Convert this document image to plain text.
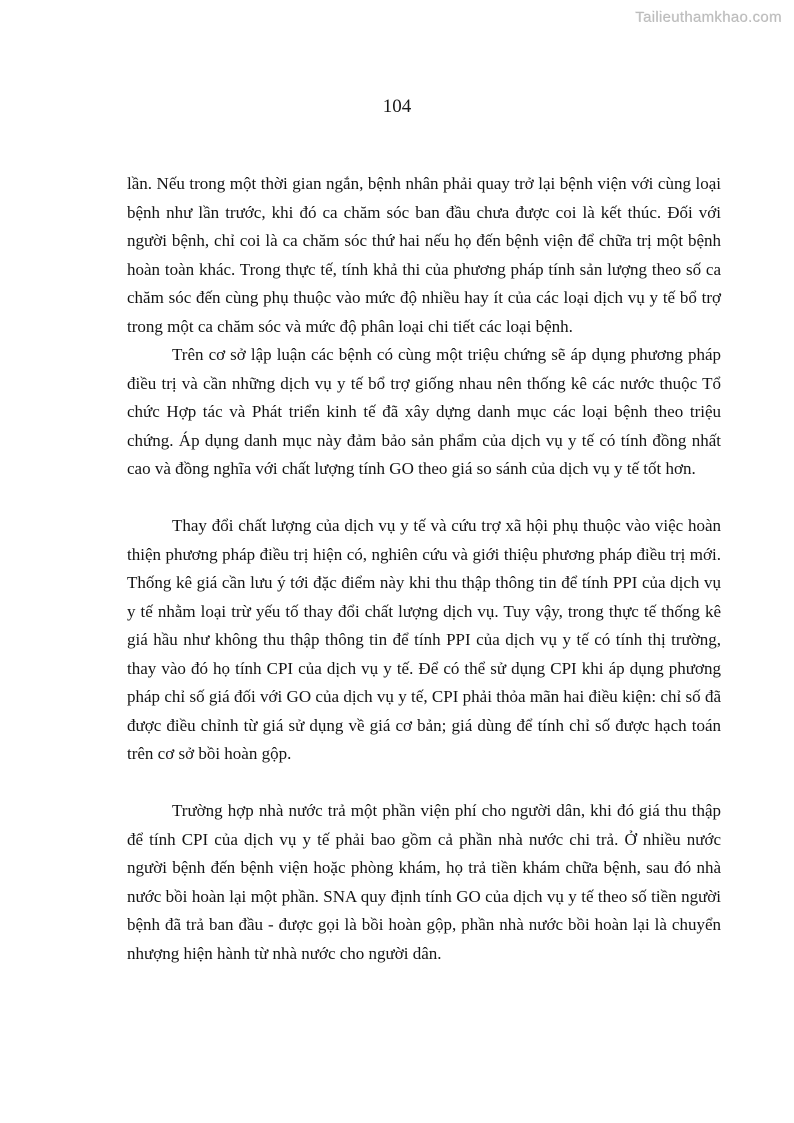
Tailieuthamkhao.com
104

lần. Nếu trong một thời gian ngắn, bệnh nhân phải quay trở lại bệnh viện với cùng loại bệnh như lần trước, khi đó ca chăm sóc ban đầu chưa được coi là kết thúc. Đối với người bệnh, chỉ coi là ca chăm sóc thứ hai nếu họ đến bệnh viện để chữa trị một bệnh hoàn toàn khác. Trong thực tế, tính khả thi của phương pháp tính sản lượng theo số ca chăm sóc đến cùng phụ thuộc vào mức độ nhiều hay ít của các loại dịch vụ y tế bổ trợ trong một ca chăm sóc và mức độ phân loại chi tiết các loại bệnh.

Trên cơ sở lập luận các bệnh có cùng một triệu chứng sẽ áp dụng phương pháp điều trị và cần những dịch vụ y tế bổ trợ giống nhau nên thống kê các nước thuộc Tổ chức Hợp tác và Phát triển kinh tế đã xây dựng danh mục các loại bệnh theo triệu chứng. Áp dụng danh mục này đảm bảo sản phẩm của dịch vụ y tế có tính đồng nhất cao và đồng nghĩa với chất lượng tính GO theo giá so sánh của dịch vụ y tế tốt hơn.

Thay đổi chất lượng của dịch vụ y tế và cứu trợ xã hội phụ thuộc vào việc hoàn thiện phương pháp điều trị hiện có, nghiên cứu và giới thiệu phương pháp điều trị mới. Thống kê giá cần lưu ý tới đặc điểm này khi thu thập thông tin để tính PPI của dịch vụ y tế nhằm loại trừ yếu tố thay đổi chất lượng dịch vụ. Tuy vậy, trong thực tế thống kê giá hầu như không thu thập thông tin để tính PPI của dịch vụ y tế có tính thị trường, thay vào đó họ tính CPI của dịch vụ y tế. Để có thể sử dụng CPI khi áp dụng phương pháp chỉ số giá đối với GO của dịch vụ y tế, CPI phải thỏa mãn hai điều kiện: chỉ số đã được điều chỉnh từ giá sử dụng về giá cơ bản; giá dùng để tính chỉ số được hạch toán trên cơ sở bồi hoàn gộp.

Trường hợp nhà nước trả một phần viện phí cho người dân, khi đó giá thu thập để tính CPI của dịch vụ y tế phải bao gồm cả phần nhà nước chi trả. Ở nhiều nước người bệnh đến bệnh viện hoặc phòng khám, họ trả tiền khám chữa bệnh, sau đó nhà nước bồi hoàn lại một phần. SNA quy định tính GO của dịch vụ y tế theo số tiền người bệnh đã trả ban đầu - được gọi là bồi hoàn gộp, phần nhà nước bồi hoàn lại là chuyển nhượng hiện hành từ nhà nước cho người dân.
